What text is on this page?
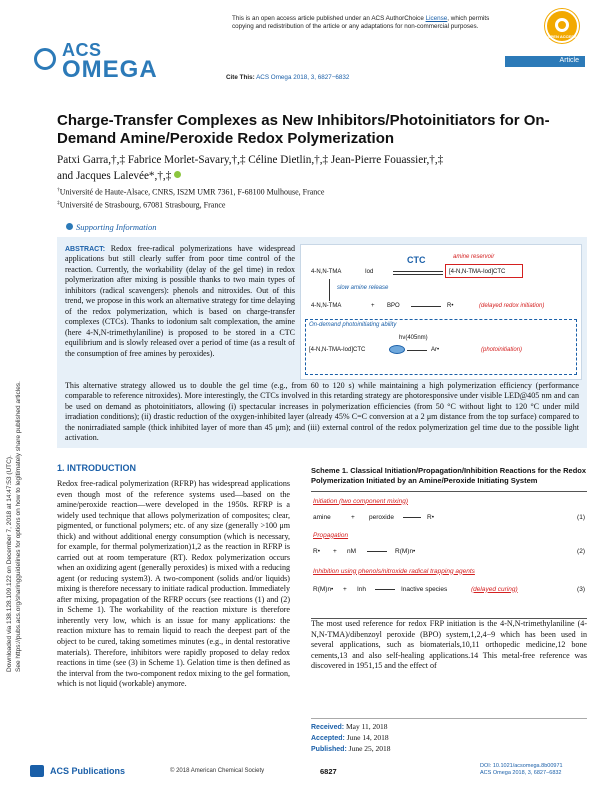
This is an open access article published under an ACS AuthorChoice License, which permits copying and redistribution of the article or any adaptations for non-commercial purposes.
OPEN ACCESS
ACS
OMEGA	Article
Cite This: ACS Omega 2018, 3, 6827−6832
Charge-Transfer Complexes as New Inhibitors/Photoinitiators for On-Demand Amine/Peroxide Redox Polymerization
Patxi Garra,†,‡ Fabrice Morlet-Savary,†,‡ Céline Dietlin,†,‡ Jean-Pierre Fouassier,†,‡
and Jacques Lalevée*,†,‡
†Université de Haute-Alsace, CNRS, IS2M UMR 7361, F-68100 Mulhouse, France
‡Université de Strasbourg, 67081 Strasbourg, France
Supporting Information
ABSTRACT: Redox free-radical polymerizations have widespread applications but still clearly suffer from poor time control of the reaction. Currently, the workability (delay of the gel time) in redox polymerization after mixing is possible thanks to two main types of inhibitors (radical scavengers): phenols and nitroxides. Out of this trend, we propose in this work an alternative strategy for time delaying of the redox polymerization, which is based on charge-transfer complexes (CTCs). Thanks to iodonium salt complexation, the amine (here 4-N,N-trimethylaniline) is proposed to be stored in a CTC equilibrium and is slowly released over a period of time (as a result of the consumption of free amines by peroxides).
This alternative strategy allowed us to double the gel time (e.g., from 60 to 120 s) while maintaining a high polymerization efficiency (performance comparable to reference nitroxides). More interestingly, the CTCs involved in this retarding strategy are photoresponsive under visible LED@405 nm and can be used on demand as photoinitiators, allowing (i) spectacular increases in polymerization efficiencies (from 50 °C without light to 120 °C under mild irradiation conditions); (ii) drastic reduction of the oxygen-inhibited layer (already 45% C=C conversion at a 2 μm distance from the top surface) compared to the nonirradiated sample (thick inhibited layer of more than 45 μm); and (iii) external control of the redox polymerization gel time due to the possible light activation.
CTC	amine reservoir
4-N,N-TMA	Iod	[4-N,N-TMA-Iod]CTC
slow amine release
4-N,N-TMA	+ BPO	R•	(delayed redox initiation)
On-demand photoinitiating ability
hν(405nm)
[4-N,N-TMA-Iod]CTC	Ar•	(photoinitiation)
Downloaded via 138.128.109.122 on December 7, 2018 at 14:47:53 (UTC). See https://pubs.acs.org/sharingguidelines for options on how to legitimately share published articles.	1. INTRODUCTION
Redox free-radical polymerization (RFRP) has widespread applications even though most of the reference systems used—based on the amine/peroxide reaction—were developed in the 1950s. RFRP is a widely used technique that allows polymerization of composites; clear, pigmented, or functional polymers; etc. of any size (generally >100 μm thick) and without additional energy consumption (which is necessary, for example, for thermal polymerization)1,2 as the reaction in RFRP is carried out at room temperature (RT). Redox polymerization occurs when an oxidizing agent (generally peroxides) is mixed with a reducing agent (or reducing system3). A two-component (solids and/or liquids) mixing is therefore necessary to initiate radical production. Immediately after mixing, propagation of the RFRP occurs (see reactions (1) and (2) in Scheme 1). The workability of the reaction mixture is therefore inherently very low, which is an issue for many applications: the reaction mixture has to remain liquid to reach the deepest part of the object to be cured, taking sometimes minutes (e.g., in dental restorative materials). Therefore, inhibitors were rapidly proposed to delay redox reactions in time (see (3) in Scheme 1). Gelation time is then defined as the interval from the two-component redox mixing to the gel formation, which is not liquid (workable) anymore.
Scheme 1. Classical Initiation/Propagation/Inhibition Reactions for the Redox Polymerization Initiated by an Amine/Peroxide Initiating System
Initiation (two component mixing)
amine	+ peroxide	R•	(1)
Propagation
R• + nM	R(M)n•	(2)
Inhibition using phenols/nitroxide radical trapping agents
R(M)n• + Inh	Inactive species	(delayed curing)	(3)
The most used reference for redox FRP initiation is the 4-N,N-trimethylaniline (4-N,N-TMA)/dibenzoyl peroxide (BPO) system,1,2,4−9 which has been used in several applications, such as biomaterials,10,11 orthopedic medicine,12 bone cements,13 and also self-healing applications.14 This metal-free reference was discovered in 1951,15 and the effect of
Received: May 11, 2018
Accepted: June 14, 2018
Published: June 25, 2018
ACS Publications	© 2018 American Chemical Society	6827
DOI: 10.1021/acsomega.8b00971
ACS Omega 2018, 3, 6827−6832
